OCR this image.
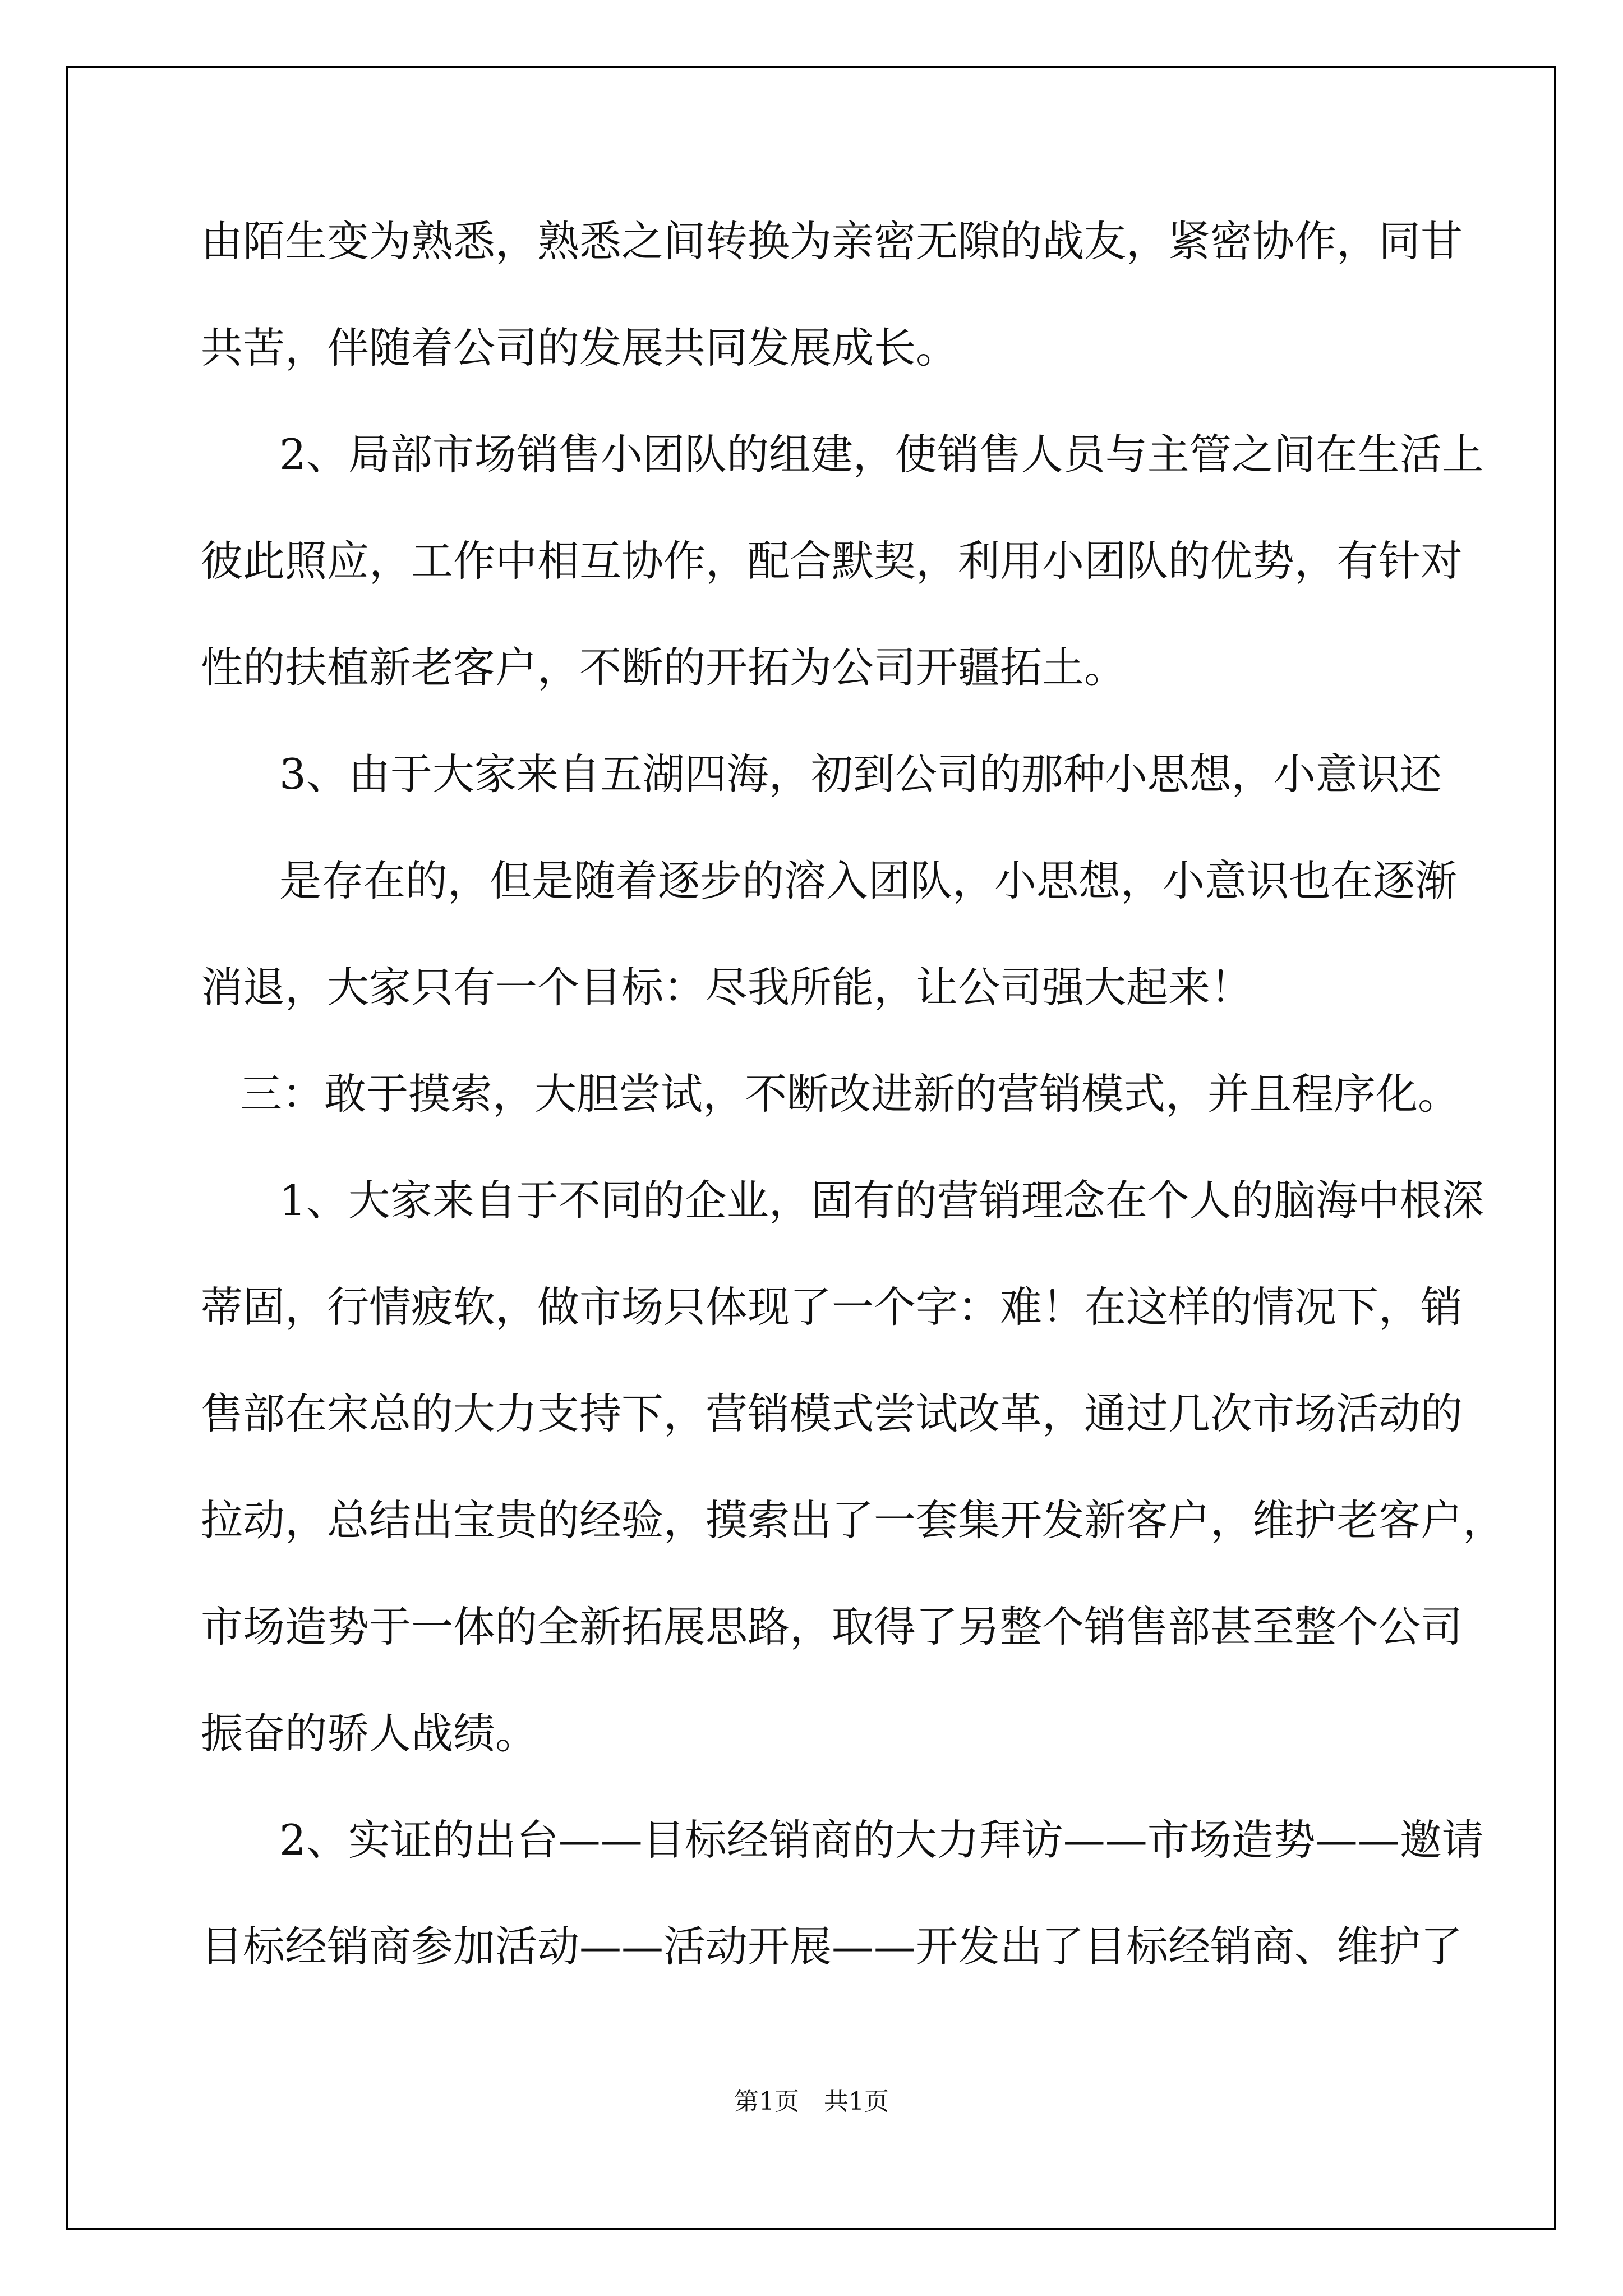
由陌生变为熟悉，熟悉之间转换为亲密无隙的战友，紧密协作，同甘
共苦，伴随着公司的发展共同发展成长。
2、局部市场销售小团队的组建，使销售人员与主管之间在生活上
彼此照应，工作中相互协作，配合默契，利用小团队的优势，有针对
性的扶植新老客户，不断的开拓为公司开疆拓土。
3、由于大家来自五湖四海，初到公司的那种小思想，小意识还
是存在的，但是随着逐步的溶入团队，小思想，小意识也在逐渐
消退，大家只有一个目标：尽我所能，让公司强大起来！
三：敢于摸索，大胆尝试，不断改进新的营销模式，并且程序化。
1、大家来自于不同的企业，固有的营销理念在个人的脑海中根深
蒂固，行情疲软，做市场只体现了一个字：难！在这样的情况下，销
售部在宋总的大力支持下，营销模式尝试改革，通过几次市场活动的
拉动，总结出宝贵的经验，摸索出了一套集开发新客户，维护老客户，
市场造势于一体的全新拓展思路，取得了另整个销售部甚至整个公司
振奋的骄人战绩。
2、实证的出台——目标经销商的大力拜访——市场造势——邀请
目标经销商参加活动——活动开展——开发出了目标经销商、维护了
第1页　共1页
